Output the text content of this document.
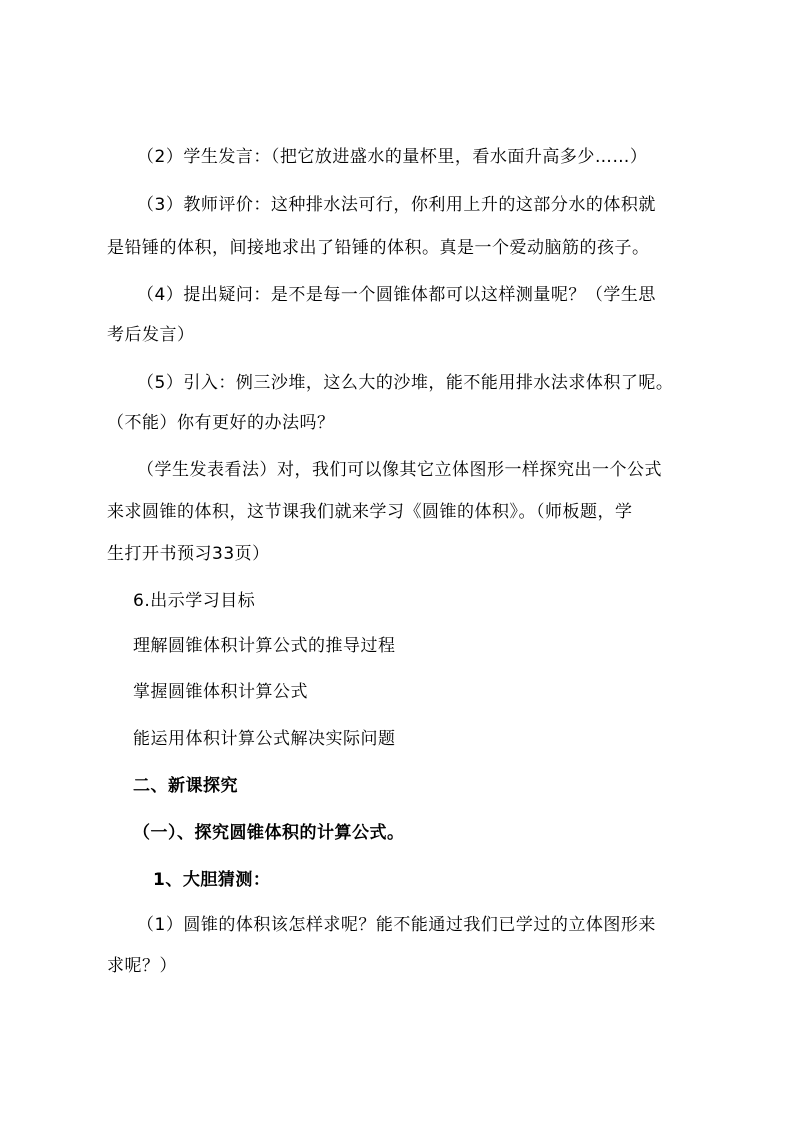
（2）学生发言：（把它放进盛水的量杯里，看水面升高多少……）
（3）教师评价：这种排水法可行，你利用上升的这部分水的体积就
是铅锤的体积，间接地求出了铅锤的体积。真是一个爱动脑筋的孩子。
（4）提出疑问：是不是每一个圆锥体都可以这样测量呢？（学生思
考后发言）
（5）引入：例三沙堆，这么大的沙堆，能不能用排水法求体积了呢。
（不能）你有更好的办法吗？
（学生发表看法）对，我们可以像其它立体图形一样探究出一个公式
来求圆锥的体积，这节课我们就来学习《圆锥的体积》。（师板题，学
生打开书预习33页）
6.出示学习目标
理解圆锥体积计算公式的推导过程
掌握圆锥体积计算公式
能运用体积计算公式解决实际问题
二、新课探究
（一）、探究圆锥体积的计算公式。
1、大胆猜测：
（1）圆锥的体积该怎样求呢？能不能通过我们已学过的立体图形来
求呢？）
